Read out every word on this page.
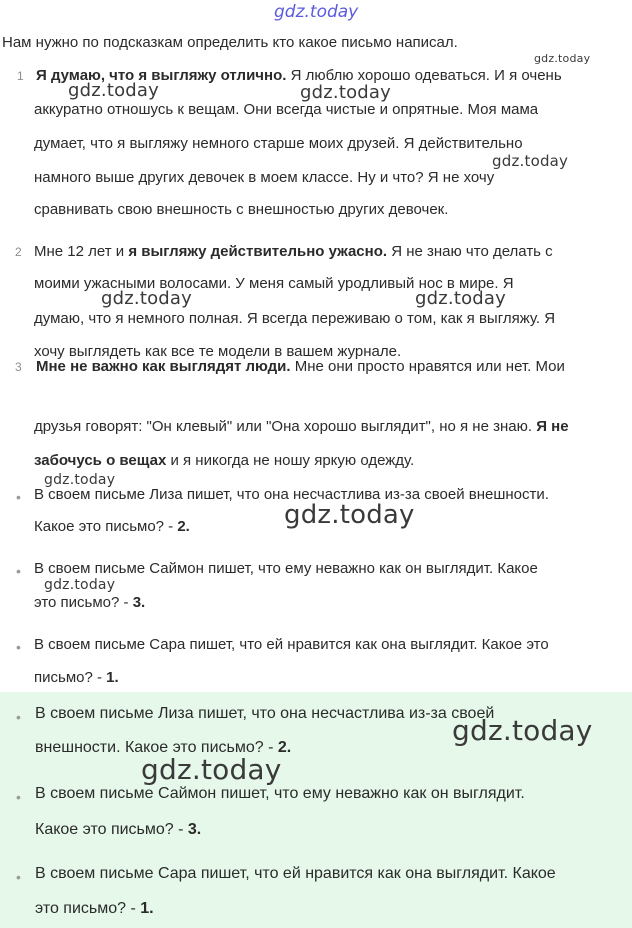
gdz.today
Нам нужно по подсказкам определить кто какое письмо написал.
1 Я думаю, что я выгляжу отлично. Я люблю хорошо одеваться. И я очень
аккуратно отношусь к вещам. Они всегда чистые и опрятные. Моя мама
думает, что я выгляжу немного старше моих друзей. Я действительно
намного выше других девочек в моем классе. Ну и что? Я не хочу
сравнивать свою внешность с внешностью других девочек.
2 Мне 12 лет и я выгляжу действительно ужасно. Я не знаю что делать с
моими ужасными волосами. У меня самый уродливый нос в мире. Я
думаю, что я немного полная. Я всегда переживаю о том, как я выгляжу. Я
хочу выглядеть как все те модели в вашем журнале.
3 Мне не важно как выглядят люди. Мне они просто нравятся или нет. Мои
друзья говорят: "Он клевый" или "Она хорошо выглядит", но я не знаю. Я не
забочусь о вещах и я никогда не ношу яркую одежду.
• В своем письме Лиза пишет, что она несчастлива из-за своей внешности.
Какое это письмо? - 2.
• В своем письме Саймон пишет, что ему неважно как он выглядит. Какое
это письмо? - 3.
• В своем письме Сара пишет, что ей нравится как она выглядит. Какое это
письмо? - 1.
• В своем письме Лиза пишет, что она несчастлива из-за своей
внешности. Какое это письмо? - 2.
• В своем письме Саймон пишет, что ему неважно как он выглядит.
Какое это письмо? - 3.
• В своем письме Сара пишет, что ей нравится как она выглядит. Какое
это письмо? - 1.
gdz.today
gdz.today	gdz.today
gdz.today
gdz.today	gdz.today
gdz.today
gdz.today
gdz.today
gdz.today
gdz.today
